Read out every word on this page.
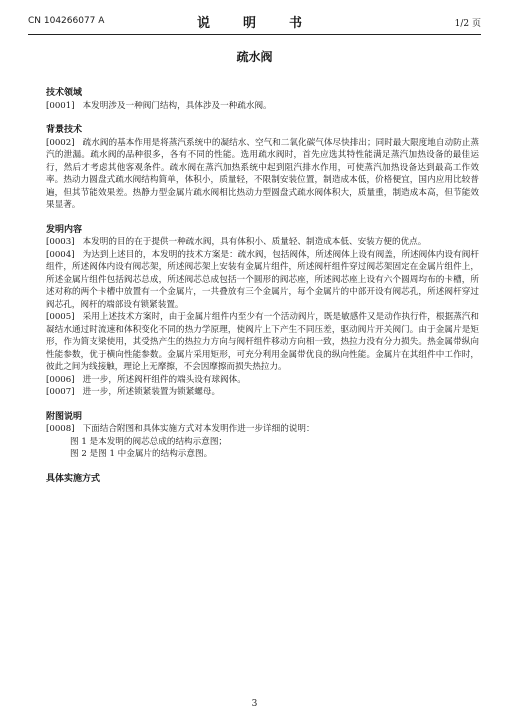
CN 104266077 A	说　明　书	1/2 页
疏水阀

技术领域

[0001] 本发明涉及一种阀门结构，具体涉及一种疏水阀。

背景技术

[0002] 疏水阀的基本作用是将蒸汽系统中的凝结水、空气和二氧化碳气体尽快排出；同时最大限度地自动防止蒸汽的泄漏。疏水阀的品种很多，各有不同的性能。选用疏水阀时，首先应选其特性能满足蒸汽加热设备的最佳运行，然后才考虑其他客观条件。疏水阀在蒸汽加热系统中起到阻汽排水作用，可使蒸汽加热设备达到最高工作效率。热动力圆盘式疏水阀结构简单，体积小，质量轻，不限制安装位置，制造成本低，价格便宜，国内应用比较普遍，但其节能效果差。热静力型金属片疏水阀相比热动力型圆盘式疏水阀体积大，质量重，制造成本高，但节能效果显著。

发明内容

[0003] 本发明的目的在于提供一种疏水阀，具有体积小、质量轻、制造成本低、安装方便的优点。

[0004] 为达到上述目的，本发明的技术方案是：疏水阀，包括阀体，所述阀体上设有阀盖，所述阀体内设有阀杆组件，所述阀体内设有阀芯架，所述阀芯架上安装有金属片组件，所述阀杆组件穿过阀芯架固定在金属片组件上，所述金属片组件包括阀芯总成，所述阀芯总成包括一个圆形的阀芯座，所述阀芯座上设有六个圆周均布的卡槽，所述对称的两个卡槽中放置有一个金属片，一共叠放有三个金属片，每个金属片的中部开设有阀芯孔，所述阀杆穿过阀芯孔，阀杆的端部设有锁紧装置。

[0005] 采用上述技术方案时，由于金属片组件内至少有一个活动阀片，既是敏感件又是动作执行件，根据蒸汽和凝结水通过时流速和体积变化不同的热力学原理，使阀片上下产生不同压差，驱动阀片开关阀门。由于金属片是矩形，作为简支梁使用，其受热产生的热拉力方向与阀杆组件移动方向相一致，热拉力没有分力损失。热金属带纵向性能参数，优于横向性能参数。金属片采用矩形，可充分利用金属带优良的纵向性能。金属片在其组件中工作时，彼此之间为线接触，理论上无摩擦，不会因摩擦而损失热拉力。

[0006] 进一步，所述阀杆组件的端头设有球阀体。

[0007] 进一步，所述锁紧装置为锁紧螺母。

附图说明

[0008] 下面结合附图和具体实施方式对本发明作进一步详细的说明：

图 1 是本发明的阀芯总成的结构示意图；

图 2 是图 1 中金属片的结构示意图。

具体实施方式

3
